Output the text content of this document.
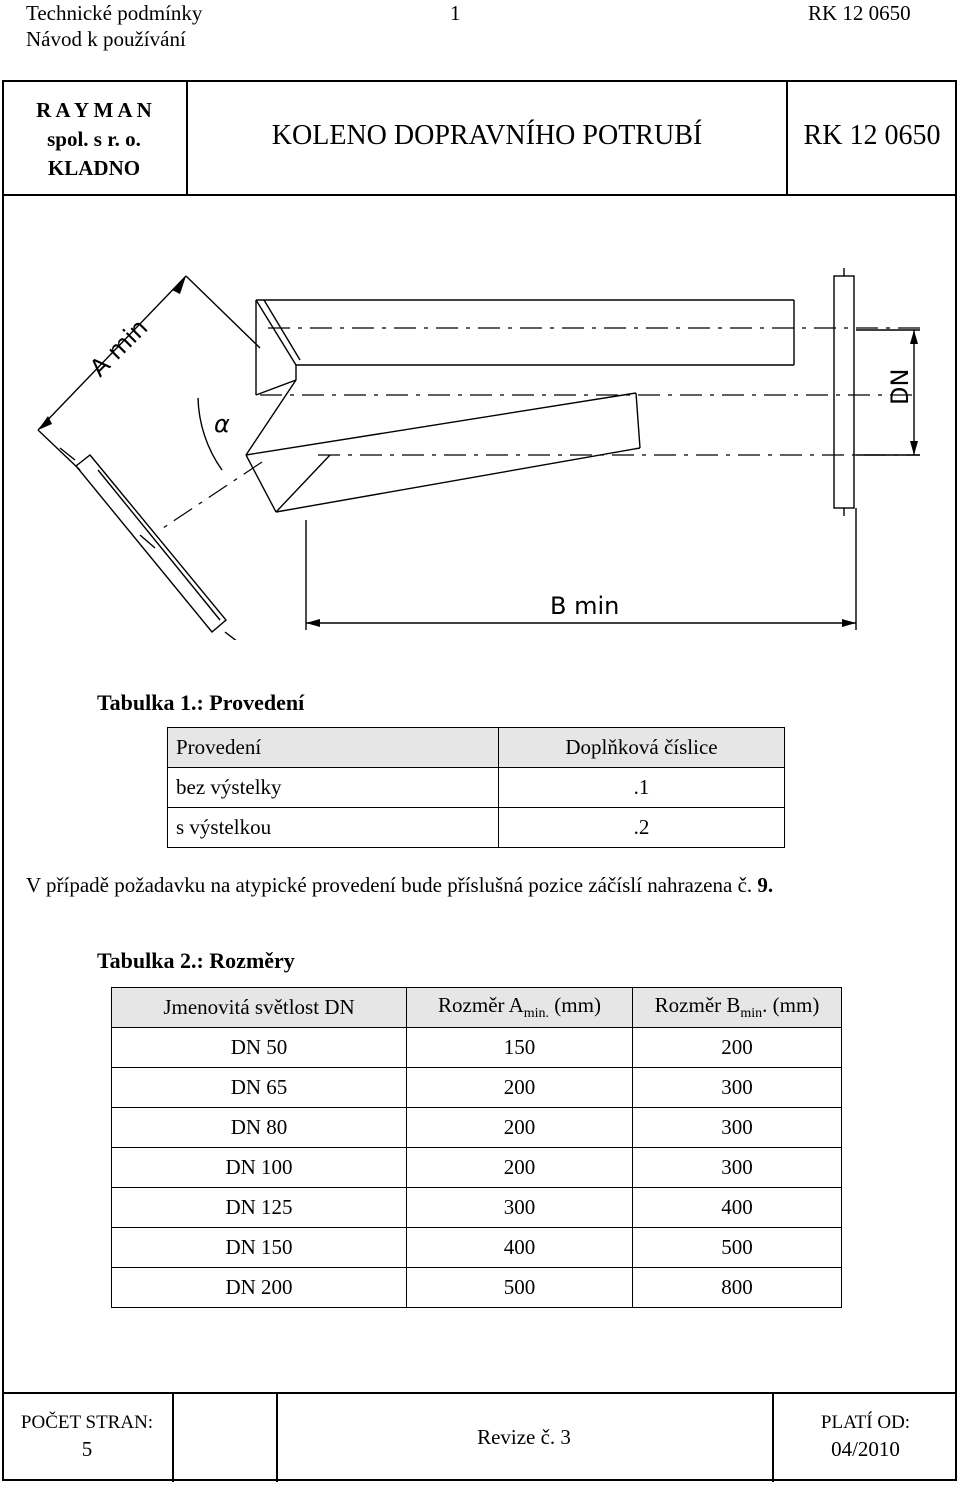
Technické podmínky	1	RK 12 0650
Návod k používání
R A Y M A N
spol. s r. o.
KLADNO
KOLENO DOPRAVNÍHO POTRUBÍ	RK 12 0650
A min
α
DN
B min
Tabulka 1.: Provedení
Provedení	Doplňková číslice
bez výstelky	.1
s výstelkou	.2
V případě požadavku na atypické provedení bude příslušná pozice záčíslí nahrazena č. 9.
Tabulka 2.: Rozměry
Jmenovitá světlost DN	Rozměr $A_{min.}$ (mm)	Rozměr $B_{min}$. (mm)
DN 50	150	200
DN 65	200	300
DN 80	200	300
DN 100	200	300
DN 125	300	400
DN 150	400	500
DN 200	500	800
POČET STRAN:
5	Revize č. 3
PLATÍ OD:
04/2010
